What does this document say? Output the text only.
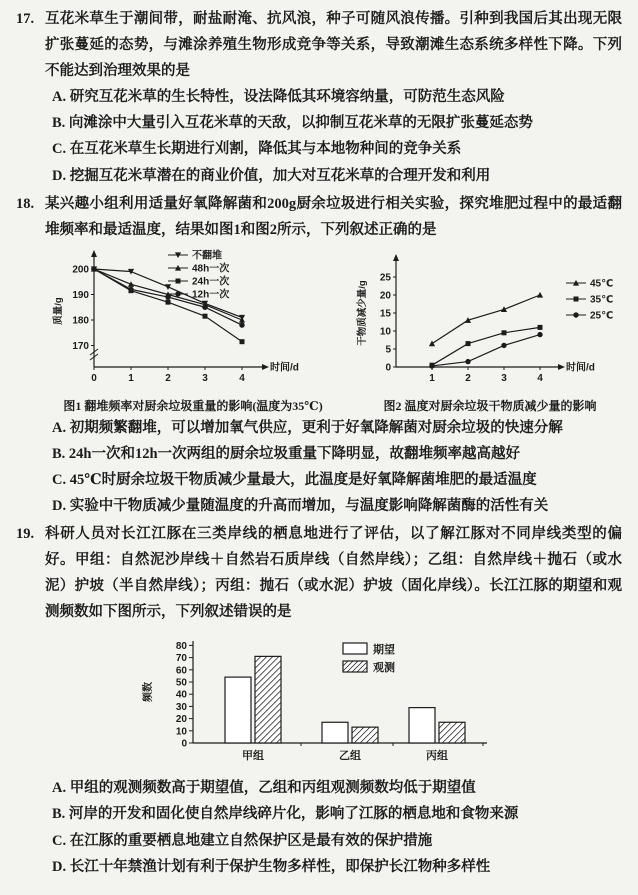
17. 互花米草生于潮间带，耐盐耐淹、抗风浪，种子可随风浪传播。引种到我国后其出现无限扩张蔓延的态势，与滩涂养殖生物形成竞争等关系，导致潮滩生态系统多样性下降。下列不能达到治理效果的是
A. 研究互花米草的生长特性，设法降低其环境容纳量，可防范生态风险
B. 向滩涂中大量引入互花米草的天敌，以抑制互花米草的无限扩张蔓延态势
C. 在互花米草生长期进行刈割，降低其与本地物种间的竞争关系
D. 挖掘互花米草潜在的商业价值，加大对互花米草的合理开发和利用
18. 某兴趣小组利用适量好氧降解菌和200g厨余垃圾进行相关实验，探究堆肥过程中的最适翻堆频率和最适温度，结果如图1和图2所示，下列叙述正确的是
时间/d
质量/g
170
180
190
200
0	1	2	3	4
不翻堆
48h一次
24h一次
12h一次
图1 翻堆频率对厨余垃圾重量的影响(温度为35℃)
时间/d
干物质减少量/g
0
5
10
15
20
25
1	2	3	4
45℃
35℃
25℃
图2 温度对厨余垃圾干物质减少量的影响
A. 初期频繁翻堆，可以增加氧气供应，更利于好氧降解菌对厨余垃圾的快速分解
B. 24h一次和12h一次两组的厨余垃圾重量下降明显，故翻堆频率越高越好
C. 45℃时厨余垃圾干物质减少量最大，此温度是好氧降解菌堆肥的最适温度
D. 实验中干物质减少量随温度的升高而增加，与温度影响降解菌酶的活性有关
19. 科研人员对长江江豚在三类岸线的栖息地进行了评估，以了解江豚对不同岸线类型的偏好。甲组：自然泥沙岸线＋自然岩石质岸线（自然岸线）；乙组：自然岸线＋抛石（或水泥）护坡（半自然岸线）；丙组：抛石（或水泥）护坡（固化岸线）。长江江豚的期望和观测频数如下图所示，下列叙述错误的是
频数
0
10
20
30
40
50
60
70
80
甲组	乙组	丙组
期望
观测
A. 甲组的观测频数高于期望值，乙组和丙组观测频数均低于期望值
B. 河岸的开发和固化使自然岸线碎片化，影响了江豚的栖息地和食物来源
C. 在江豚的重要栖息地建立自然保护区是最有效的保护措施
D. 长江十年禁渔计划有利于保护生物多样性，即保护长江物种多样性
